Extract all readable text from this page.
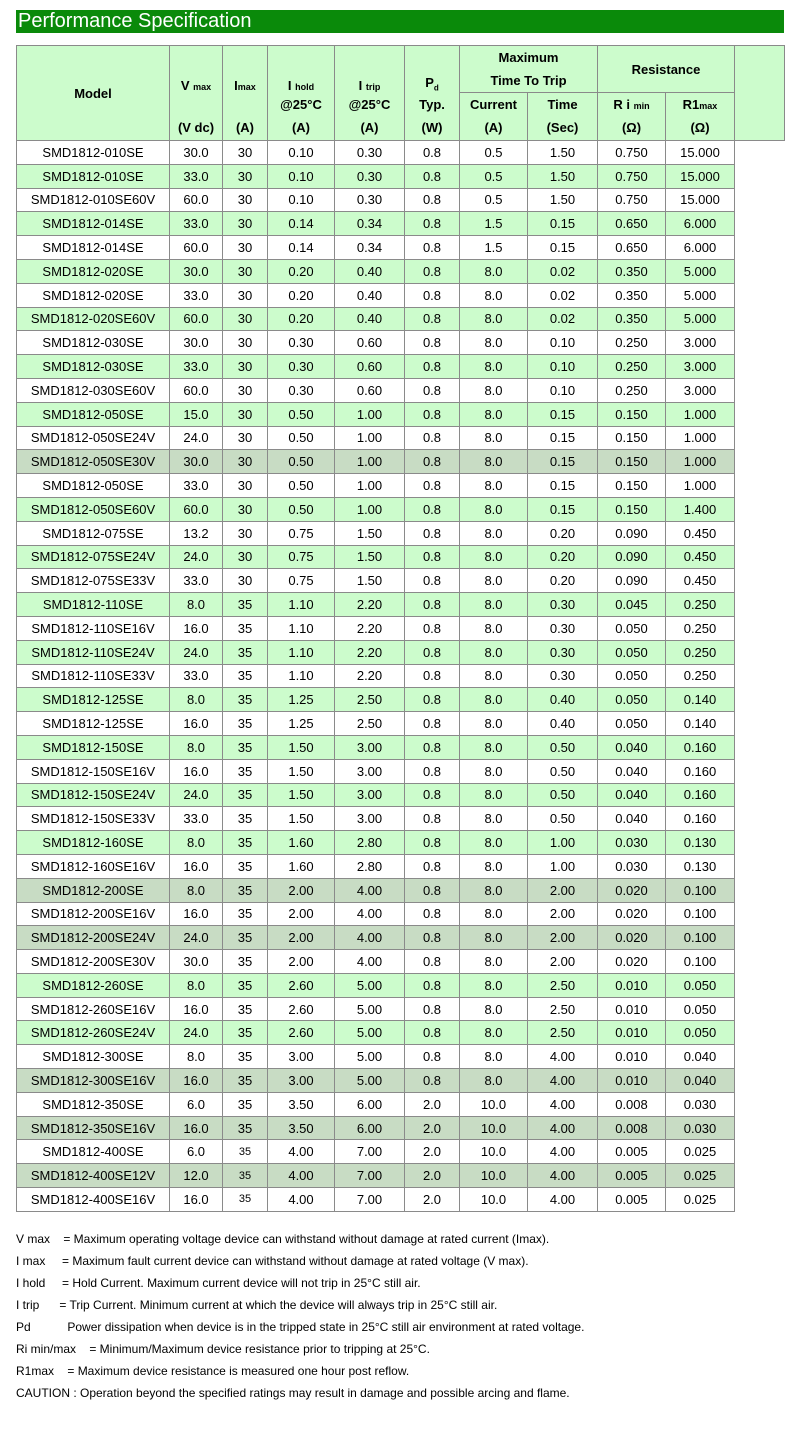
Performance Specification
Model	V max	Imax	I hold	I trip	$P_d$	Maximum		Resistance		
						Time To Trip				
			@25°C	@25°C	Typ.	Current	Time	R i min	R1max	
	(V dc)	(A)	(A)	(A)	(W)	(A)	(Sec)	(Ω)	(Ω)	
SMD1812-010SE	30.0	30	0.10	0.30	0.8	0.5	1.50	0.750	15.000	
SMD1812-010SE	33.0	30	0.10	0.30	0.8	0.5	1.50	0.750	15.000	
SMD1812-010SE60V	60.0	30	0.10	0.30	0.8	0.5	1.50	0.750	15.000	
SMD1812-014SE	33.0	30	0.14	0.34	0.8	1.5	0.15	0.650	6.000	
SMD1812-014SE	60.0	30	0.14	0.34	0.8	1.5	0.15	0.650	6.000	
SMD1812-020SE	30.0	30	0.20	0.40	0.8	8.0	0.02	0.350	5.000	
SMD1812-020SE	33.0	30	0.20	0.40	0.8	8.0	0.02	0.350	5.000	
SMD1812-020SE60V	60.0	30	0.20	0.40	0.8	8.0	0.02	0.350	5.000	
SMD1812-030SE	30.0	30	0.30	0.60	0.8	8.0	0.10	0.250	3.000	
SMD1812-030SE	33.0	30	0.30	0.60	0.8	8.0	0.10	0.250	3.000	
SMD1812-030SE60V	60.0	30	0.30	0.60	0.8	8.0	0.10	0.250	3.000	
SMD1812-050SE	15.0	30	0.50	1.00	0.8	8.0	0.15	0.150	1.000	
SMD1812-050SE24V	24.0	30	0.50	1.00	0.8	8.0	0.15	0.150	1.000	
SMD1812-050SE30V	30.0	30	0.50	1.00	0.8	8.0	0.15	0.150	1.000	
SMD1812-050SE	33.0	30	0.50	1.00	0.8	8.0	0.15	0.150	1.000	
SMD1812-050SE60V	60.0	30	0.50	1.00	0.8	8.0	0.15	0.150	1.400	
SMD1812-075SE	13.2	30	0.75	1.50	0.8	8.0	0.20	0.090	0.450	
SMD1812-075SE24V	24.0	30	0.75	1.50	0.8	8.0	0.20	0.090	0.450	
SMD1812-075SE33V	33.0	30	0.75	1.50	0.8	8.0	0.20	0.090	0.450	
SMD1812-110SE	8.0	35	1.10	2.20	0.8	8.0	0.30	0.045	0.250	
SMD1812-110SE16V	16.0	35	1.10	2.20	0.8	8.0	0.30	0.050	0.250	
SMD1812-110SE24V	24.0	35	1.10	2.20	0.8	8.0	0.30	0.050	0.250	
SMD1812-110SE33V	33.0	35	1.10	2.20	0.8	8.0	0.30	0.050	0.250	
SMD1812-125SE	8.0	35	1.25	2.50	0.8	8.0	0.40	0.050	0.140	
SMD1812-125SE	16.0	35	1.25	2.50	0.8	8.0	0.40	0.050	0.140	
SMD1812-150SE	8.0	35	1.50	3.00	0.8	8.0	0.50	0.040	0.160	
SMD1812-150SE16V	16.0	35	1.50	3.00	0.8	8.0	0.50	0.040	0.160	
SMD1812-150SE24V	24.0	35	1.50	3.00	0.8	8.0	0.50	0.040	0.160	
SMD1812-150SE33V	33.0	35	1.50	3.00	0.8	8.0	0.50	0.040	0.160	
SMD1812-160SE	8.0	35	1.60	2.80	0.8	8.0	1.00	0.030	0.130	
SMD1812-160SE16V	16.0	35	1.60	2.80	0.8	8.0	1.00	0.030	0.130	
SMD1812-200SE	8.0	35	2.00	4.00	0.8	8.0	2.00	0.020	0.100	
SMD1812-200SE16V	16.0	35	2.00	4.00	0.8	8.0	2.00	0.020	0.100	
SMD1812-200SE24V	24.0	35	2.00	4.00	0.8	8.0	2.00	0.020	0.100	
SMD1812-200SE30V	30.0	35	2.00	4.00	0.8	8.0	2.00	0.020	0.100	
SMD1812-260SE	8.0	35	2.60	5.00	0.8	8.0	2.50	0.010	0.050	
SMD1812-260SE16V	16.0	35	2.60	5.00	0.8	8.0	2.50	0.010	0.050	
SMD1812-260SE24V	24.0	35	2.60	5.00	0.8	8.0	2.50	0.010	0.050	
SMD1812-300SE	8.0	35	3.00	5.00	0.8	8.0	4.00	0.010	0.040	
SMD1812-300SE16V	16.0	35	3.00	5.00	0.8	8.0	4.00	0.010	0.040	
SMD1812-350SE	6.0	35	3.50	6.00	2.0	10.0	4.00	0.008	0.030	
SMD1812-350SE16V	16.0	35	3.50	6.00	2.0	10.0	4.00	0.008	0.030	
SMD1812-400SE	6.0	35	4.00	7.00	2.0	10.0	4.00	0.005	0.025	
SMD1812-400SE12V	12.0	35	4.00	7.00	2.0	10.0	4.00	0.005	0.025	
SMD1812-400SE16V	16.0	35	4.00	7.00	2.0	10.0	4.00	0.005	0.025	
V max    = Maximum operating voltage device can withstand without damage at rated current (Imax).
I max     = Maximum fault current device can withstand without damage at rated voltage (V max).
I hold     = Hold Current. Maximum current device will not trip in 25°C still air.
I trip      = Trip Current. Minimum current at which the device will always trip in 25°C still air.
Pd           Power dissipation when device is in the tripped state in 25°C still air environment at rated voltage.
Ri min/max    = Minimum/Maximum device resistance prior to tripping at 25°C.
R1max    = Maximum device resistance is measured one hour post reflow.
CAUTION : Operation beyond the specified ratings may result in damage and possible arcing and flame.
